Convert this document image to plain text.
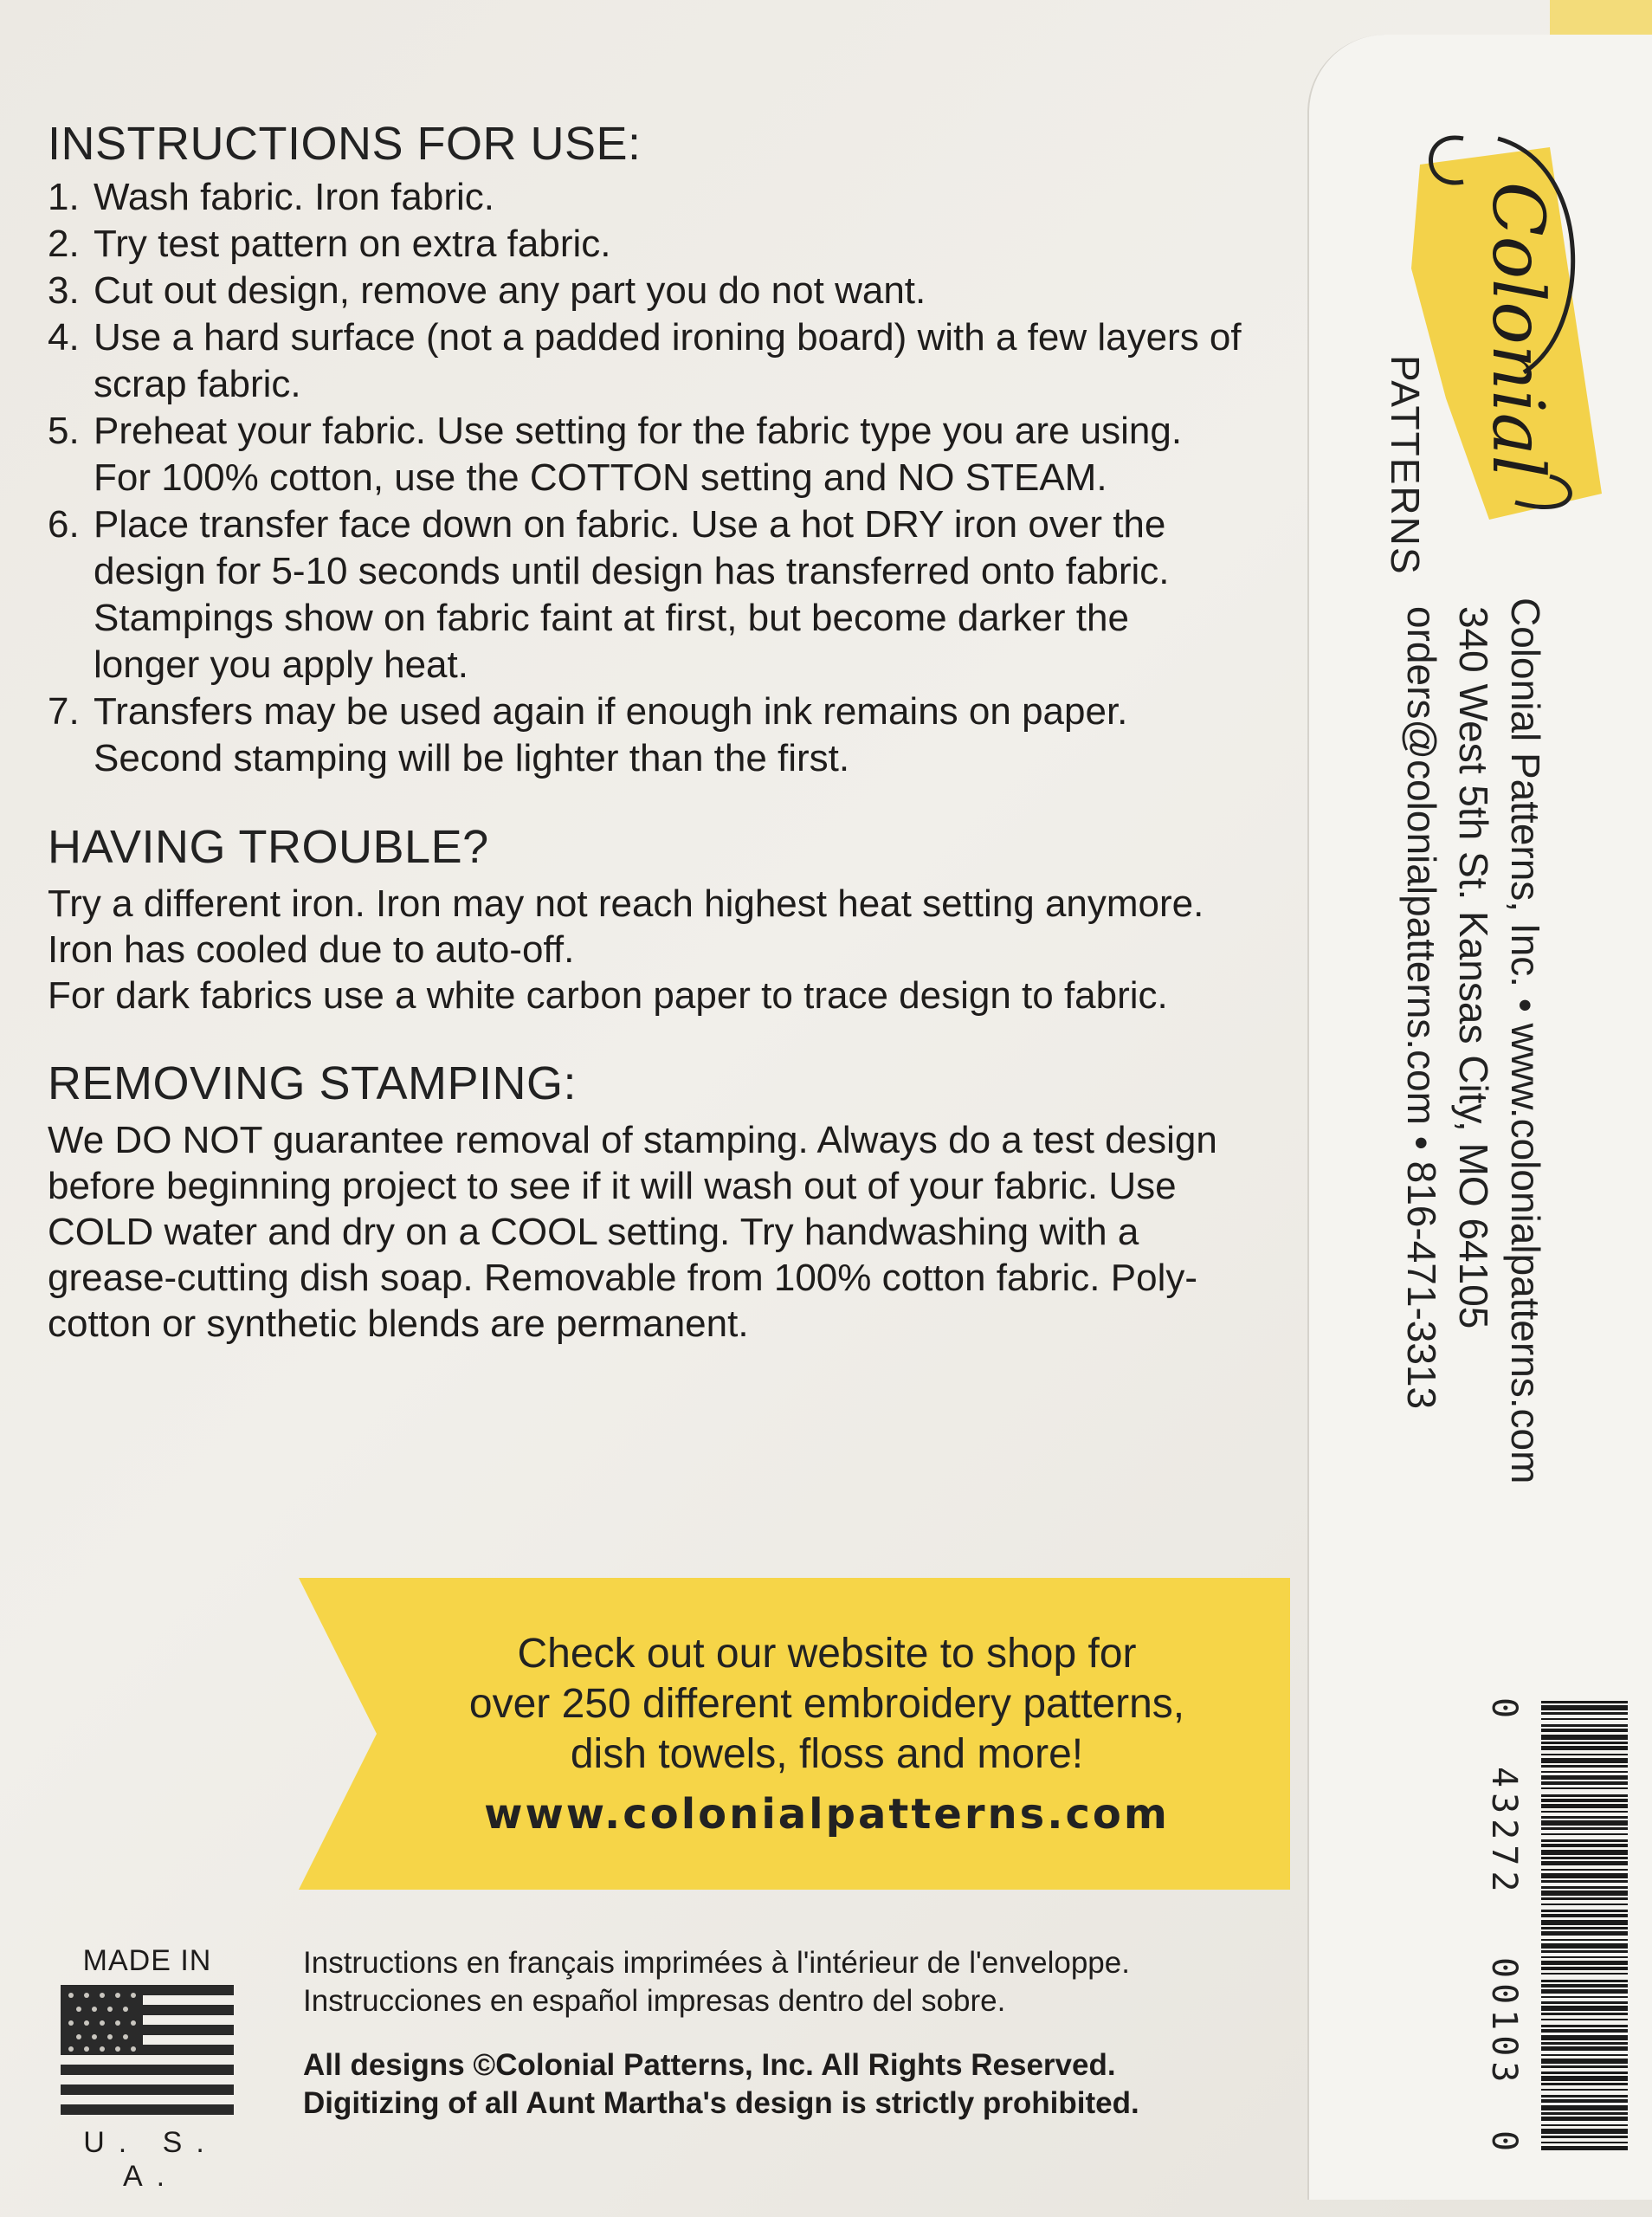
INSTRUCTIONS FOR USE:
1. Wash fabric. Iron fabric.
2. Try test pattern on extra fabric.
3. Cut out design, remove any part you do not want.
4. Use a hard surface (not a padded ironing board) with a few layers of scrap fabric.
5. Preheat your fabric. Use setting for the fabric type you are using. For 100% cotton, use the COTTON setting and NO STEAM.
6. Place transfer face down on fabric. Use a hot DRY iron over the design for 5-10 seconds until design has transferred onto fabric. Stampings show on fabric faint at first, but become darker the longer you apply heat.
7. Transfers may be used again if enough ink remains on paper. Second stamping will be lighter than the first.
HAVING TROUBLE?

Try a different iron. Iron may not reach highest heat setting anymore. Iron has cooled due to auto-off.

For dark fabrics use a white carbon paper to trace design to fabric.

REMOVING STAMPING:

We DO NOT guarantee removal of stamping. Always do a test design before beginning project to see if it will wash out of your fabric. Use COLD water and dry on a COOL setting. Try handwashing with a grease-cutting dish soap. Removable from 100% cotton fabric. Poly-cotton or synthetic blends are permanent.

Check out our website to shop for
over 250 different embroidery patterns,
dish towels, floss and more!
www.colonialpatterns.com
MADE IN
U. S. A.
Instructions en français imprimées à l'intérieur de l'enveloppe.
Instrucciones en español impresas dentro del sobre.
All designs ©Colonial Patterns, Inc. All Rights Reserved.
Digitizing of all Aunt Martha's design is strictly prohibited.
Colonial
PATTERNS
Colonial Patterns, Inc. • www.colonialpatterns.com
340 West 5th St. Kansas City, MO 64105
orders@colonialpatterns.com • 816-471-3313
0
43272
00103
0
